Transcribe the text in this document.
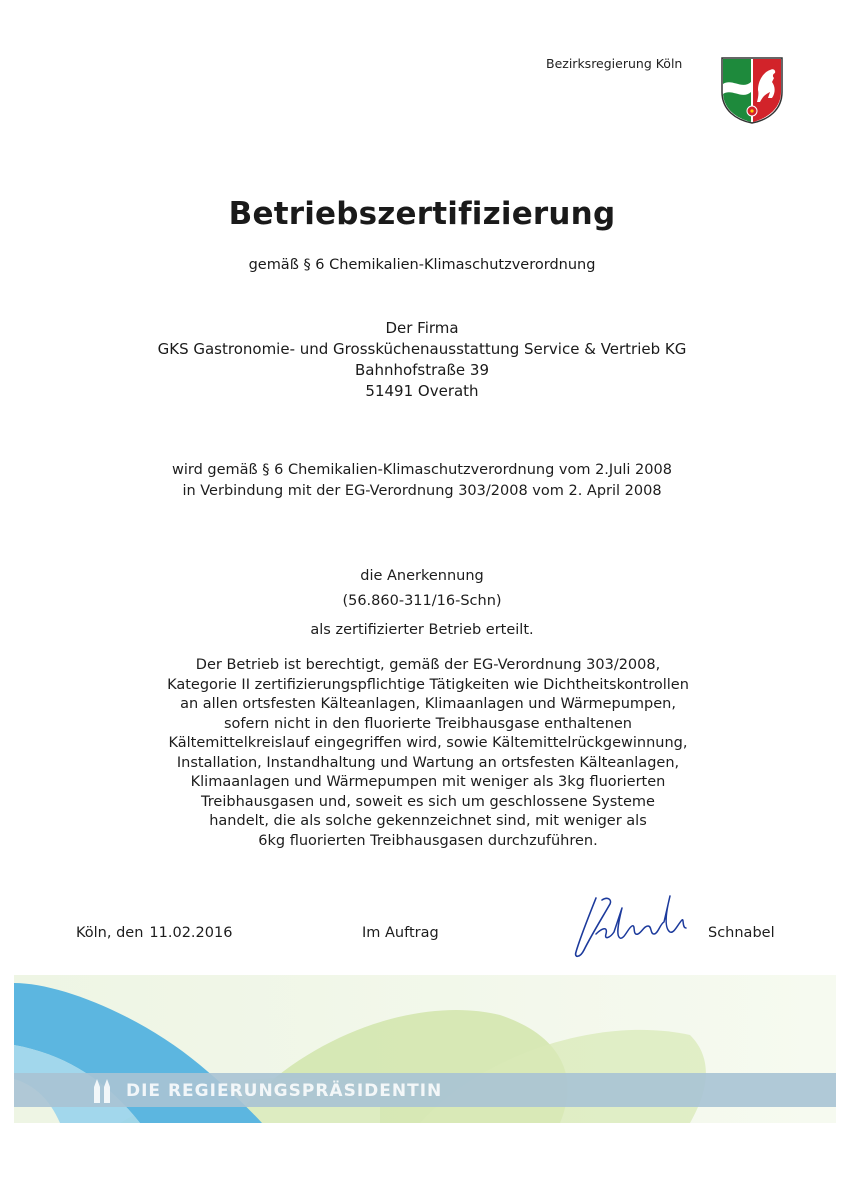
Bezirksregierung Köln
Betriebszertifizierung
gemäß § 6 Chemikalien-Klimaschutzverordnung
Der Firma
GKS Gastronomie- und Grossküchenausstattung Service & Vertrieb KG
Bahnhofstraße 39
51491 Overath
wird gemäß § 6 Chemikalien-Klimaschutzverordnung vom 2.Juli 2008
in Verbindung mit der EG-Verordnung 303/2008 vom 2. April 2008
die Anerkennung
(56.860-311/16-Schn)
als zertifizierter Betrieb erteilt.
Der Betrieb ist berechtigt, gemäß der EG-Verordnung 303/2008,
Kategorie II zertifizierungspflichtige Tätigkeiten wie Dichtheitskontrollen
an allen ortsfesten Kälteanlagen, Klimaanlagen und Wärmepumpen,
sofern nicht in den fluorierte Treibhausgase enthaltenen
Kältemittelkreislauf eingegriffen wird, sowie Kältemittelrückgewinnung,
Installation, Instandhaltung und Wartung an ortsfesten Kälteanlagen,
Klimaanlagen und Wärmepumpen mit weniger als 3kg fluorierten
Treibhausgasen und, soweit es sich um geschlossene Systeme
handelt, die als solche gekennzeichnet sind, mit weniger als
6kg fluorierten Treibhausgasen durchzuführen.
Köln, den 11.02.2016	Im Auftrag	Schnabel
DIE REGIERUNGSPRÄSIDENTIN
